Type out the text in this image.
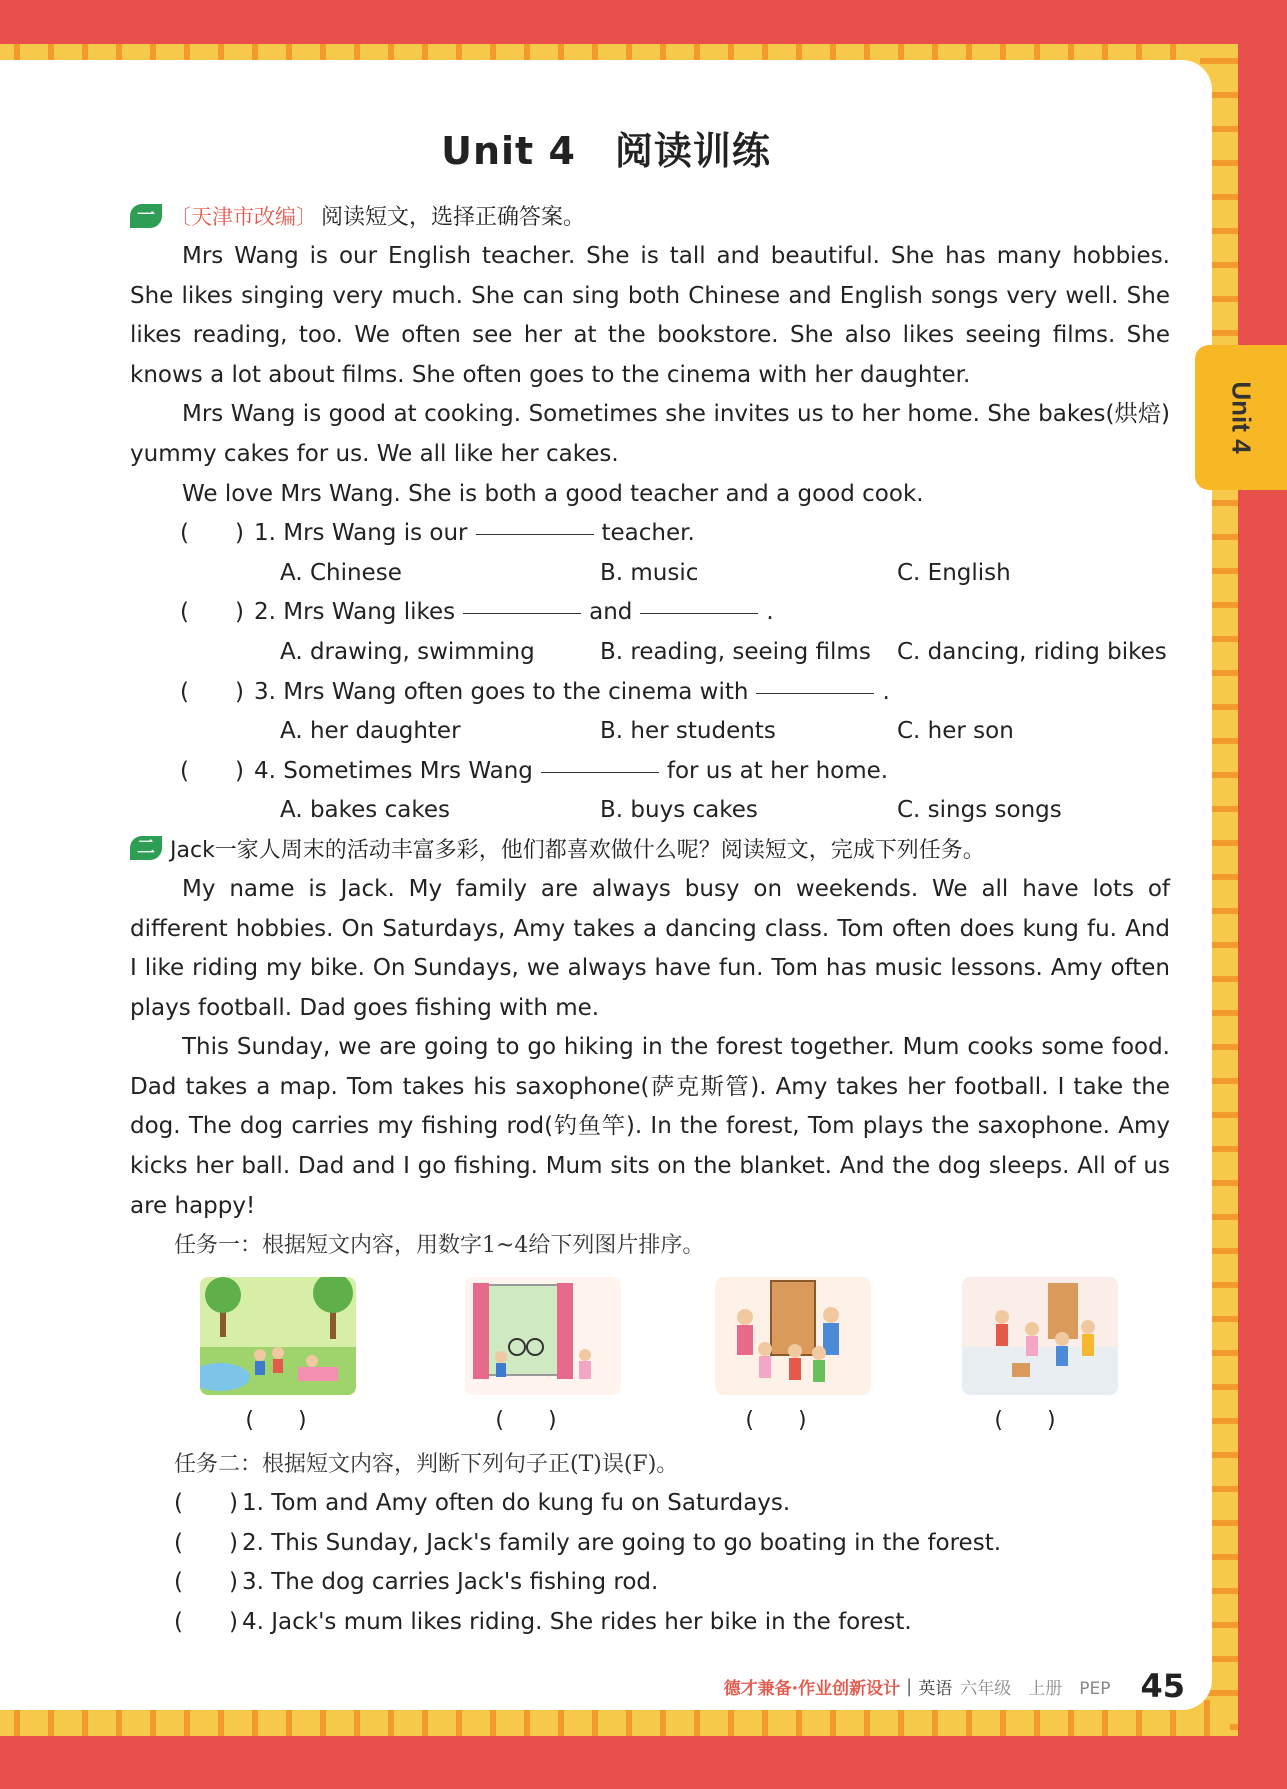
Unit 4
Unit 4　阅读训练
一 〔天津市改编〕 阅读短文，选择正确答案。

Mrs Wang is our English teacher. She is tall and beautiful. She has many hobbies. She likes singing very much. She can sing both Chinese and English songs very well. She likes reading, too. We often see her at the bookstore. She also likes seeing films. She knows a lot about films. She often goes to the cinema with her daughter.

Mrs Wang is good at cooking. Sometimes she invites us to her home. She bakes(烘焙) yummy cakes for us. We all like her cakes.

We love Mrs Wang. She is both a good teacher and a good cook.

(　　) 1. Mrs Wang is our	teacher.
A. Chinese	B. music	C. English
(　　) 2. Mrs Wang likes	and	.
A. drawing, swimming	B. reading, seeing films	C. dancing, riding bikes
(　　) 3. Mrs Wang often goes to the cinema with	.
A. her daughter	B. her students	C. her son
(　　) 4. Sometimes Mrs Wang	for us at her home.
A. bakes cakes	B. buys cakes	C. sings songs
二 Jack一家人周末的活动丰富多彩，他们都喜欢做什么呢？阅读短文，完成下列任务。

My name is Jack. My family are always busy on weekends. We all have lots of different hobbies. On Saturdays, Amy takes a dancing class. Tom often does kung fu. And I like riding my bike. On Sundays, we always have fun. Tom has music lessons. Amy often plays football. Dad goes fishing with me.

This Sunday, we are going to go hiking in the forest together. Mum cooks some food. Dad takes a map. Tom takes his saxophone(萨克斯管). Amy takes her football. I take the dog. The dog carries my fishing rod(钓鱼竿). In the forest, Tom plays the saxophone. Amy kicks her ball. Dad and I go fishing. Mum sits on the blanket. And the dog sleeps. All of us are happy!

任务一：根据短文内容，用数字1~4给下列图片排序。
(　　)	(　　)	(　　)	(　　)
任务二：根据短文内容，判断下列句子正(T)误(F)。
(　　) 1. Tom and Amy often do kung fu on Saturdays.
(　　) 2. This Sunday, Jack's family are going to go boating in the forest.
(　　) 3. The dog carries Jack's fishing rod.
(　　) 4. Jack's mum likes riding. She rides her bike in the forest.
德才兼备·作业创新设计 | 英语 六年级　上册　PEP 45
